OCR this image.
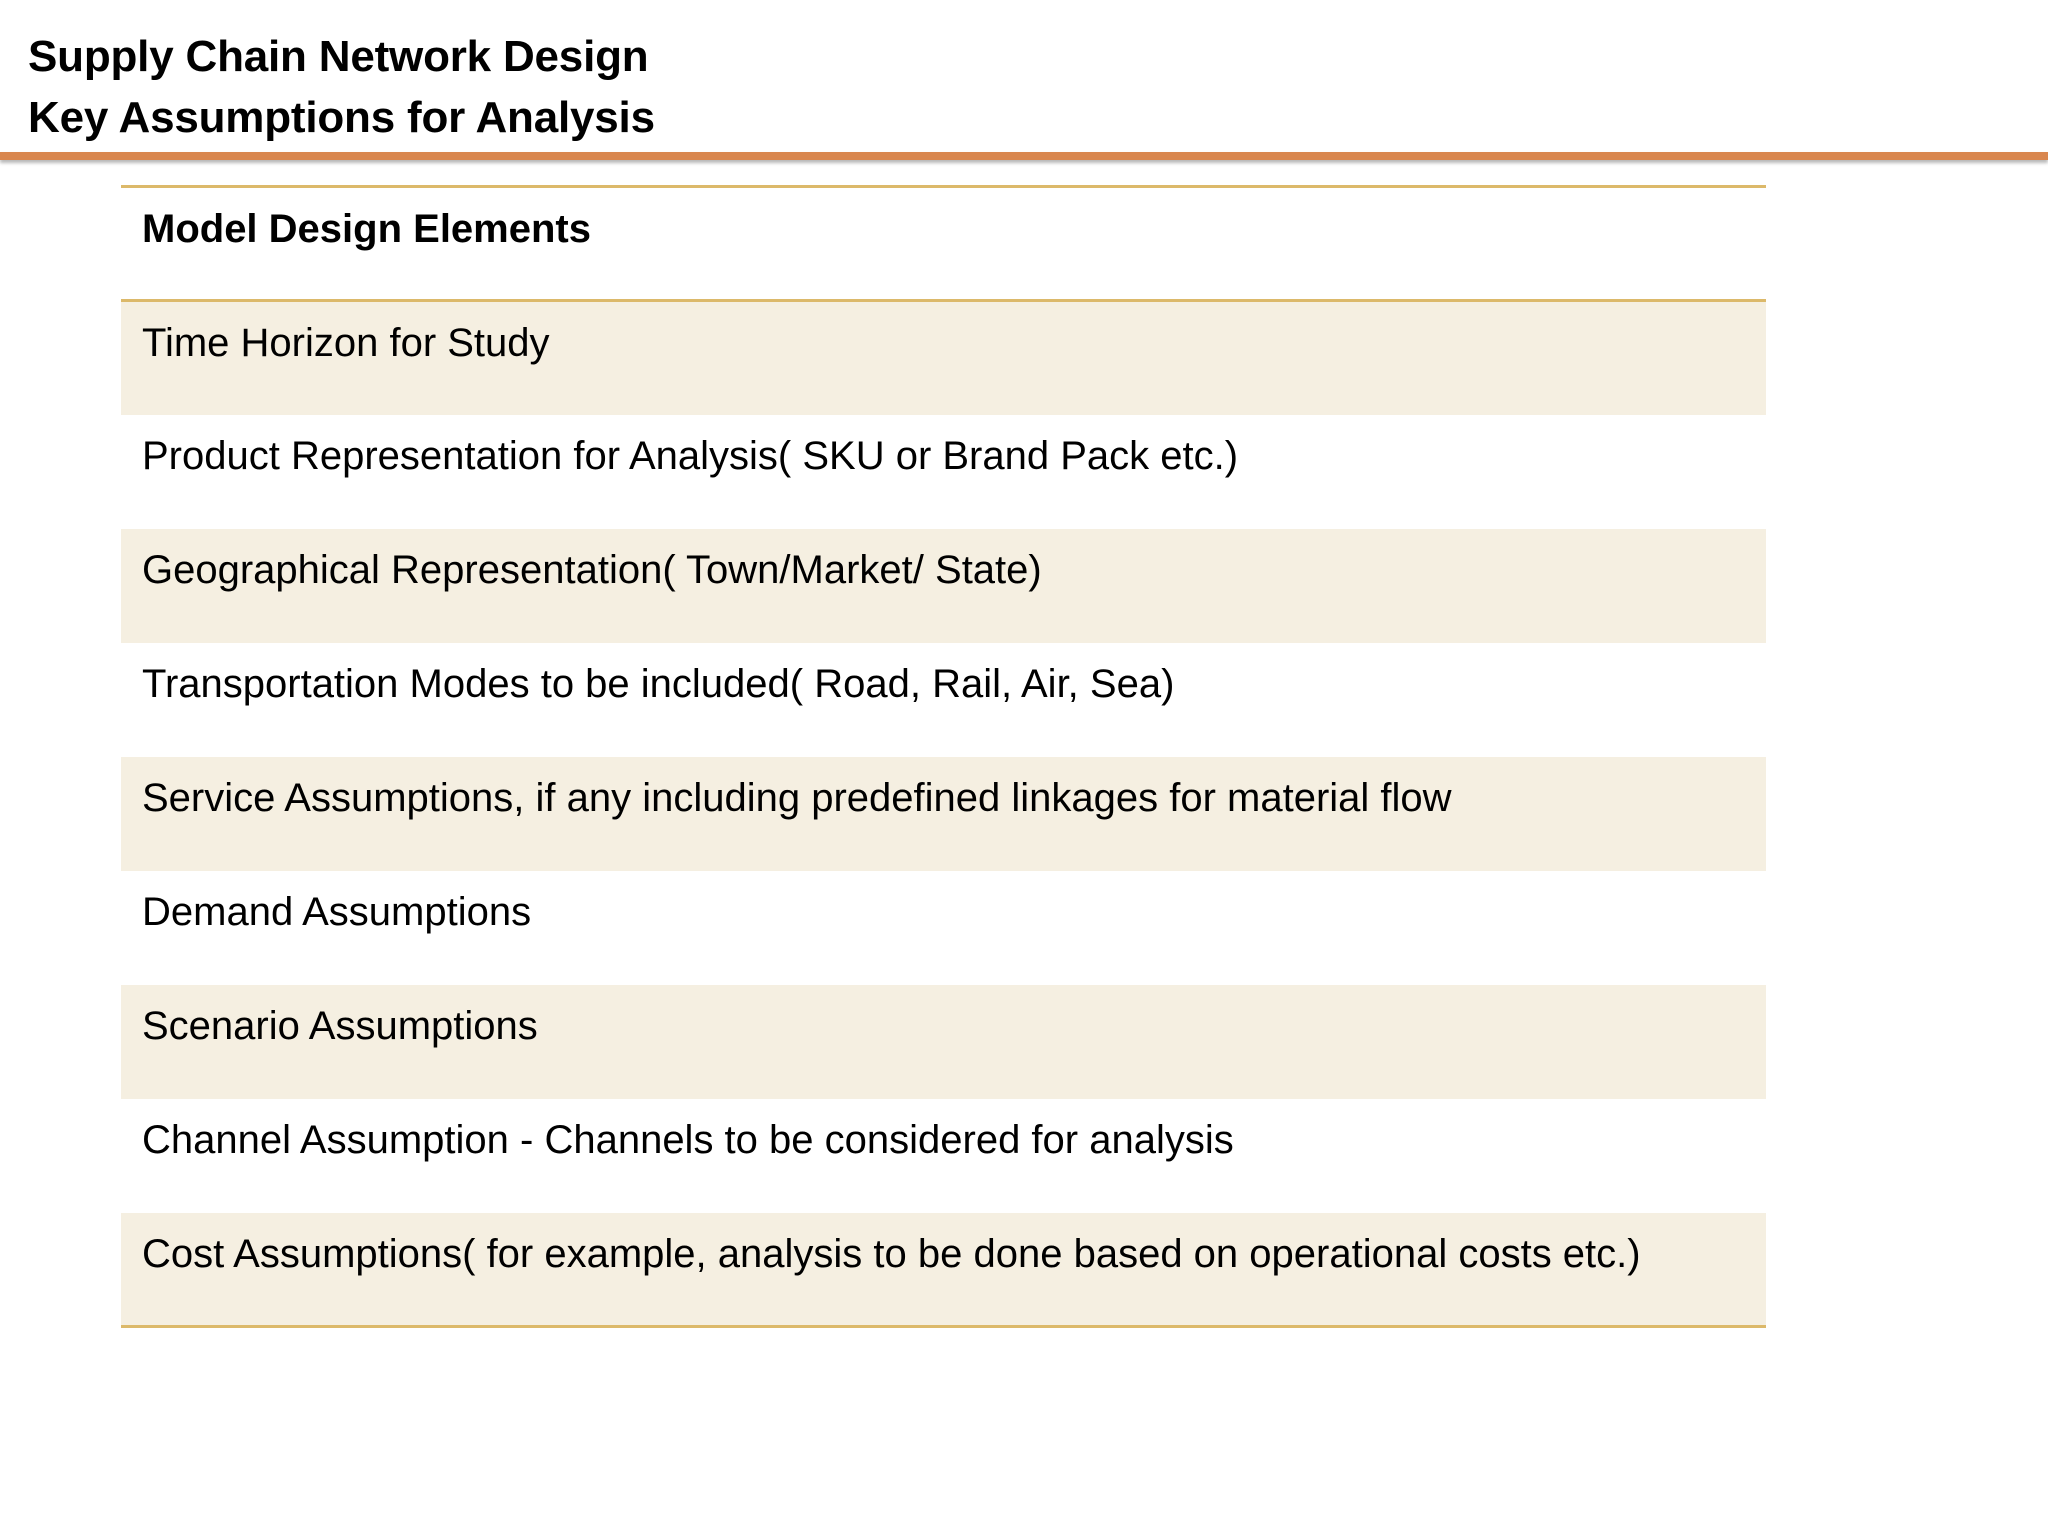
Supply Chain Network Design
Key Assumptions for Analysis
Model Design Elements
Time Horizon for Study
Product Representation for Analysis( SKU or Brand Pack etc.)
Geographical Representation( Town/Market/ State)
Transportation Modes to be included( Road, Rail, Air, Sea)
Service Assumptions, if any including predefined linkages for material flow
Demand Assumptions
Scenario Assumptions
Channel Assumption - Channels to be considered for analysis
Cost Assumptions( for example, analysis to be done based on operational costs etc.)
